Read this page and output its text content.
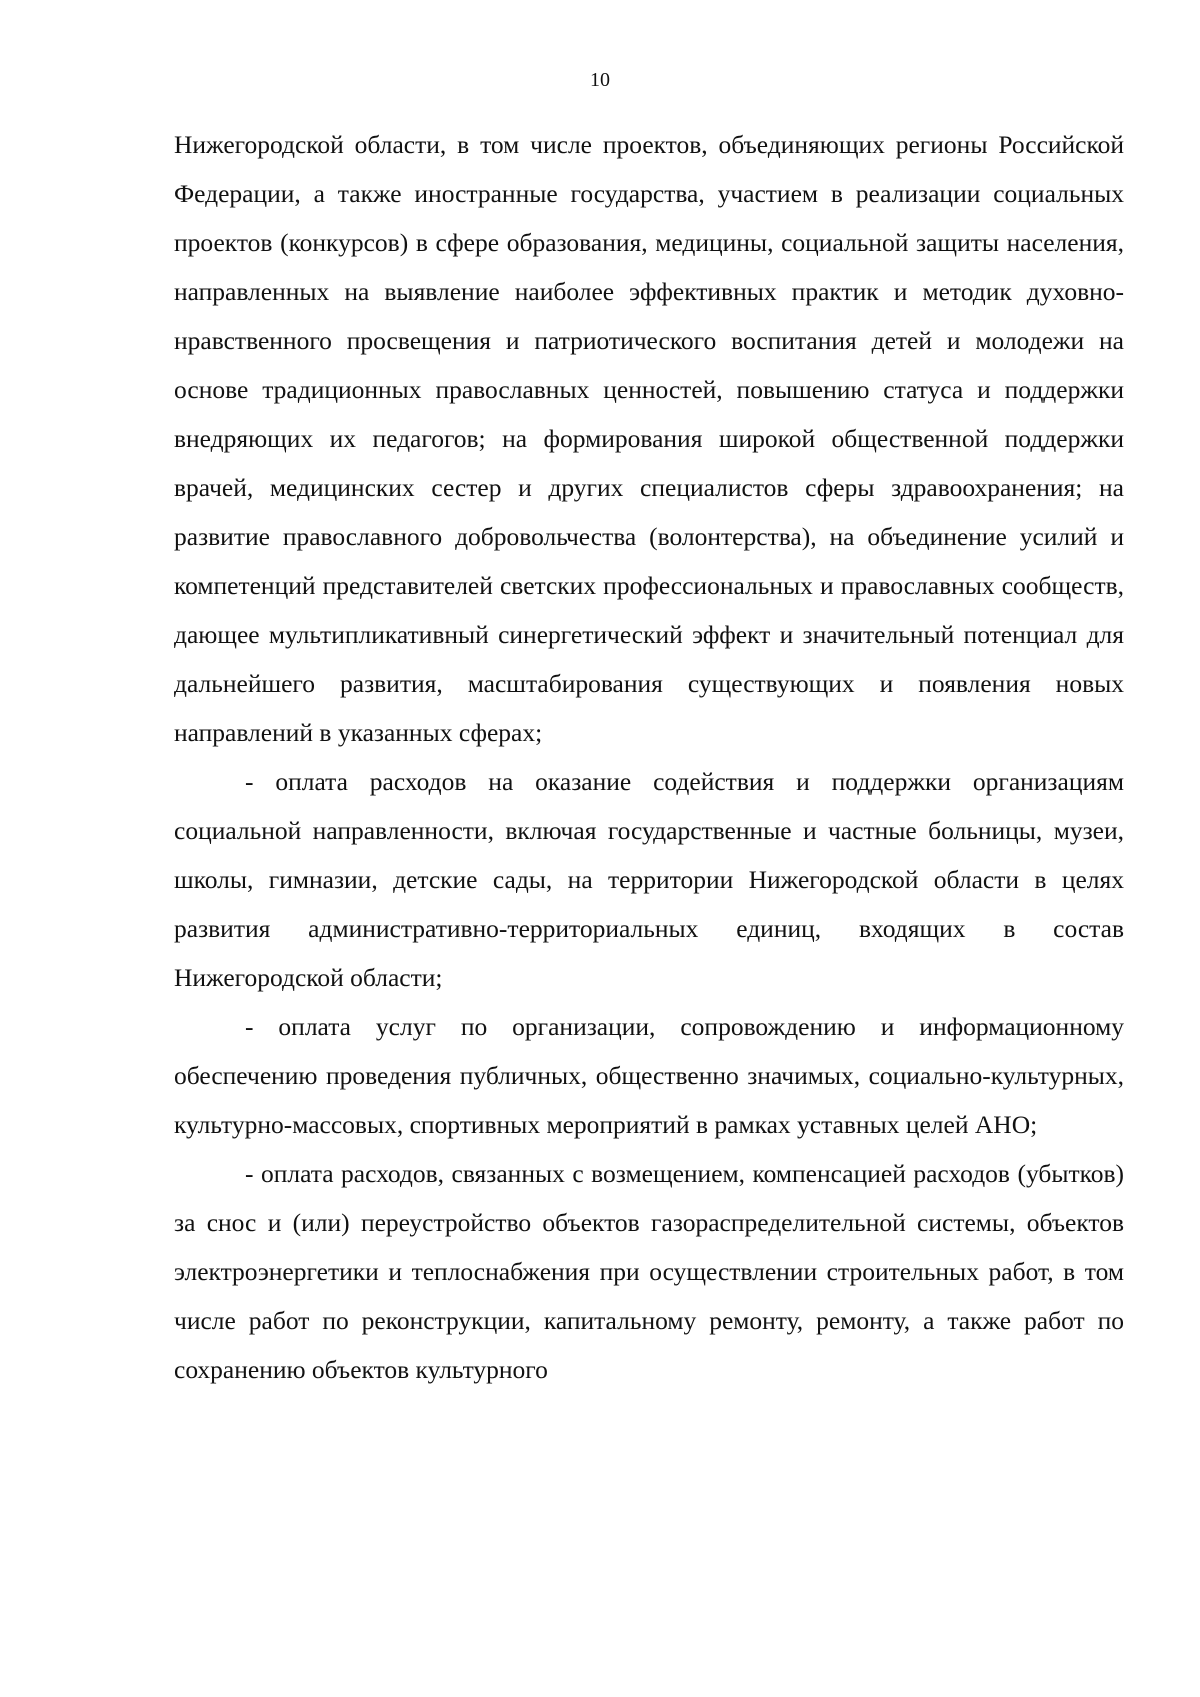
10

Нижегородской области, в том числе проектов, объединяющих регионы Российской Федерации, а также иностранные государства, участием в реализации социальных проектов (конкурсов) в сфере образования, медицины, социальной защиты населения, направленных на выявление наиболее эффективных практик и методик духовно-нравственного просвещения и патриотического воспитания детей и молодежи на основе традиционных православных ценностей, повышению статуса и поддержки внедряющих их педагогов; на формирования широкой общественной поддержки врачей, медицинских сестер и других специалистов сферы здравоохранения; на развитие православного добровольчества (волонтерства), на объединение усилий и компетенций представителей светских профессиональных и православных сообществ, дающее мультипликативный синергетический эффект и значительный потенциал для дальнейшего развития, масштабирования существующих и появления новых направлений в указанных сферах;

- оплата расходов на оказание содействия и поддержки организациям социальной направленности, включая государственные и частные больницы, музеи, школы, гимназии, детские сады, на территории Нижегородской области в целях развития административно-территориальных единиц, входящих в состав Нижегородской области;

- оплата услуг по организации, сопровождению и информационному обеспечению проведения публичных, общественно значимых, социально-культурных, культурно-массовых, спортивных мероприятий в рамках уставных целей АНО;

- оплата расходов, связанных с возмещением, компенсацией расходов (убытков) за снос и (или) переустройство объектов газораспределительной системы, объектов электроэнергетики и теплоснабжения при осуществлении строительных работ, в том числе работ по реконструкции, капитальному ремонту, ремонту, а также работ по сохранению объектов культурного
